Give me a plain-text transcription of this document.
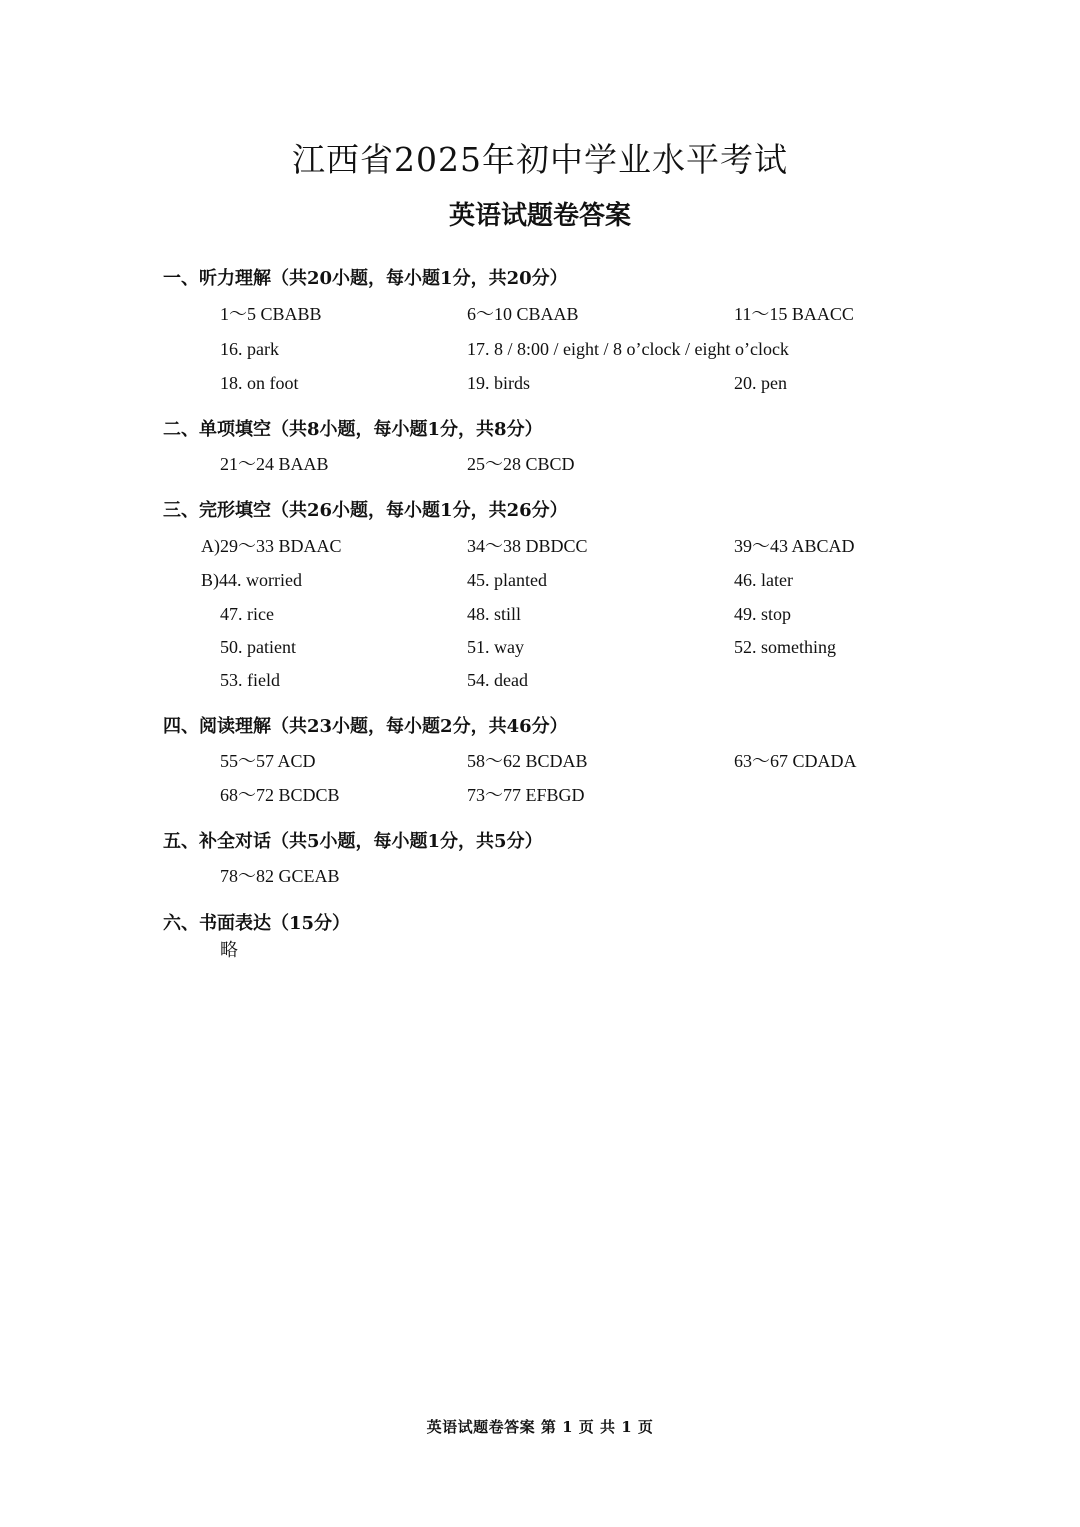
江西省2025年初中学业水平考试
英语试题卷答案
一、听力理解（共20小题，每小题1分，共20分）
1～5 CBABB	6～10 CBAAB	11～15 BAACC
16. park	17. 8 / 8:00 / eight / 8 o’clock / eight o’clock
18. on foot	19. birds	20. pen
二、单项填空（共8小题，每小题1分，共8分）
21～24 BAAB	25～28 CBCD
三、完形填空（共26小题，每小题1分，共26分）
A)29～33 BDAAC	34～38 DBDCC	39～43 ABCAD
B)44. worried	45. planted	46. later
47. rice	48. still	49. stop
50. patient	51. way	52. something
53. field	54. dead
四、阅读理解（共23小题，每小题2分，共46分）
55～57 ACD	58～62 BCDAB	63～67 CDADA
68～72 BCDCB	73～77 EFBGD
五、补全对话（共5小题，每小题1分，共5分）
78～82 GCEAB
六、书面表达（15分）
略
英语试题卷答案 第 1 页 共 1 页
